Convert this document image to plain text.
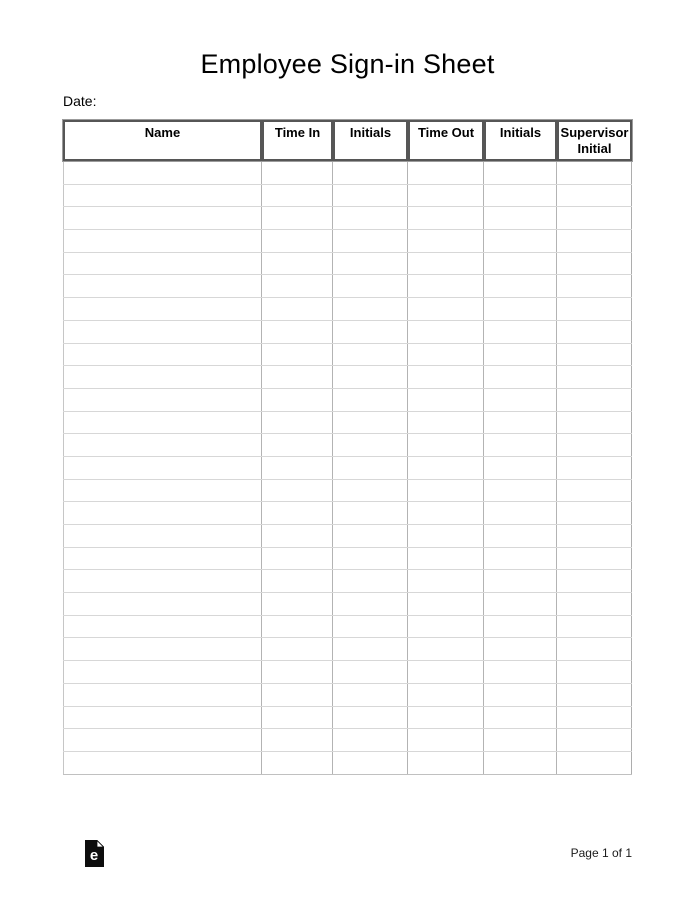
Employee Sign-in Sheet
Date:
Name	Time In	Initials	Time Out	Initials	Supervisor Initial
e	Page 1 of 1
